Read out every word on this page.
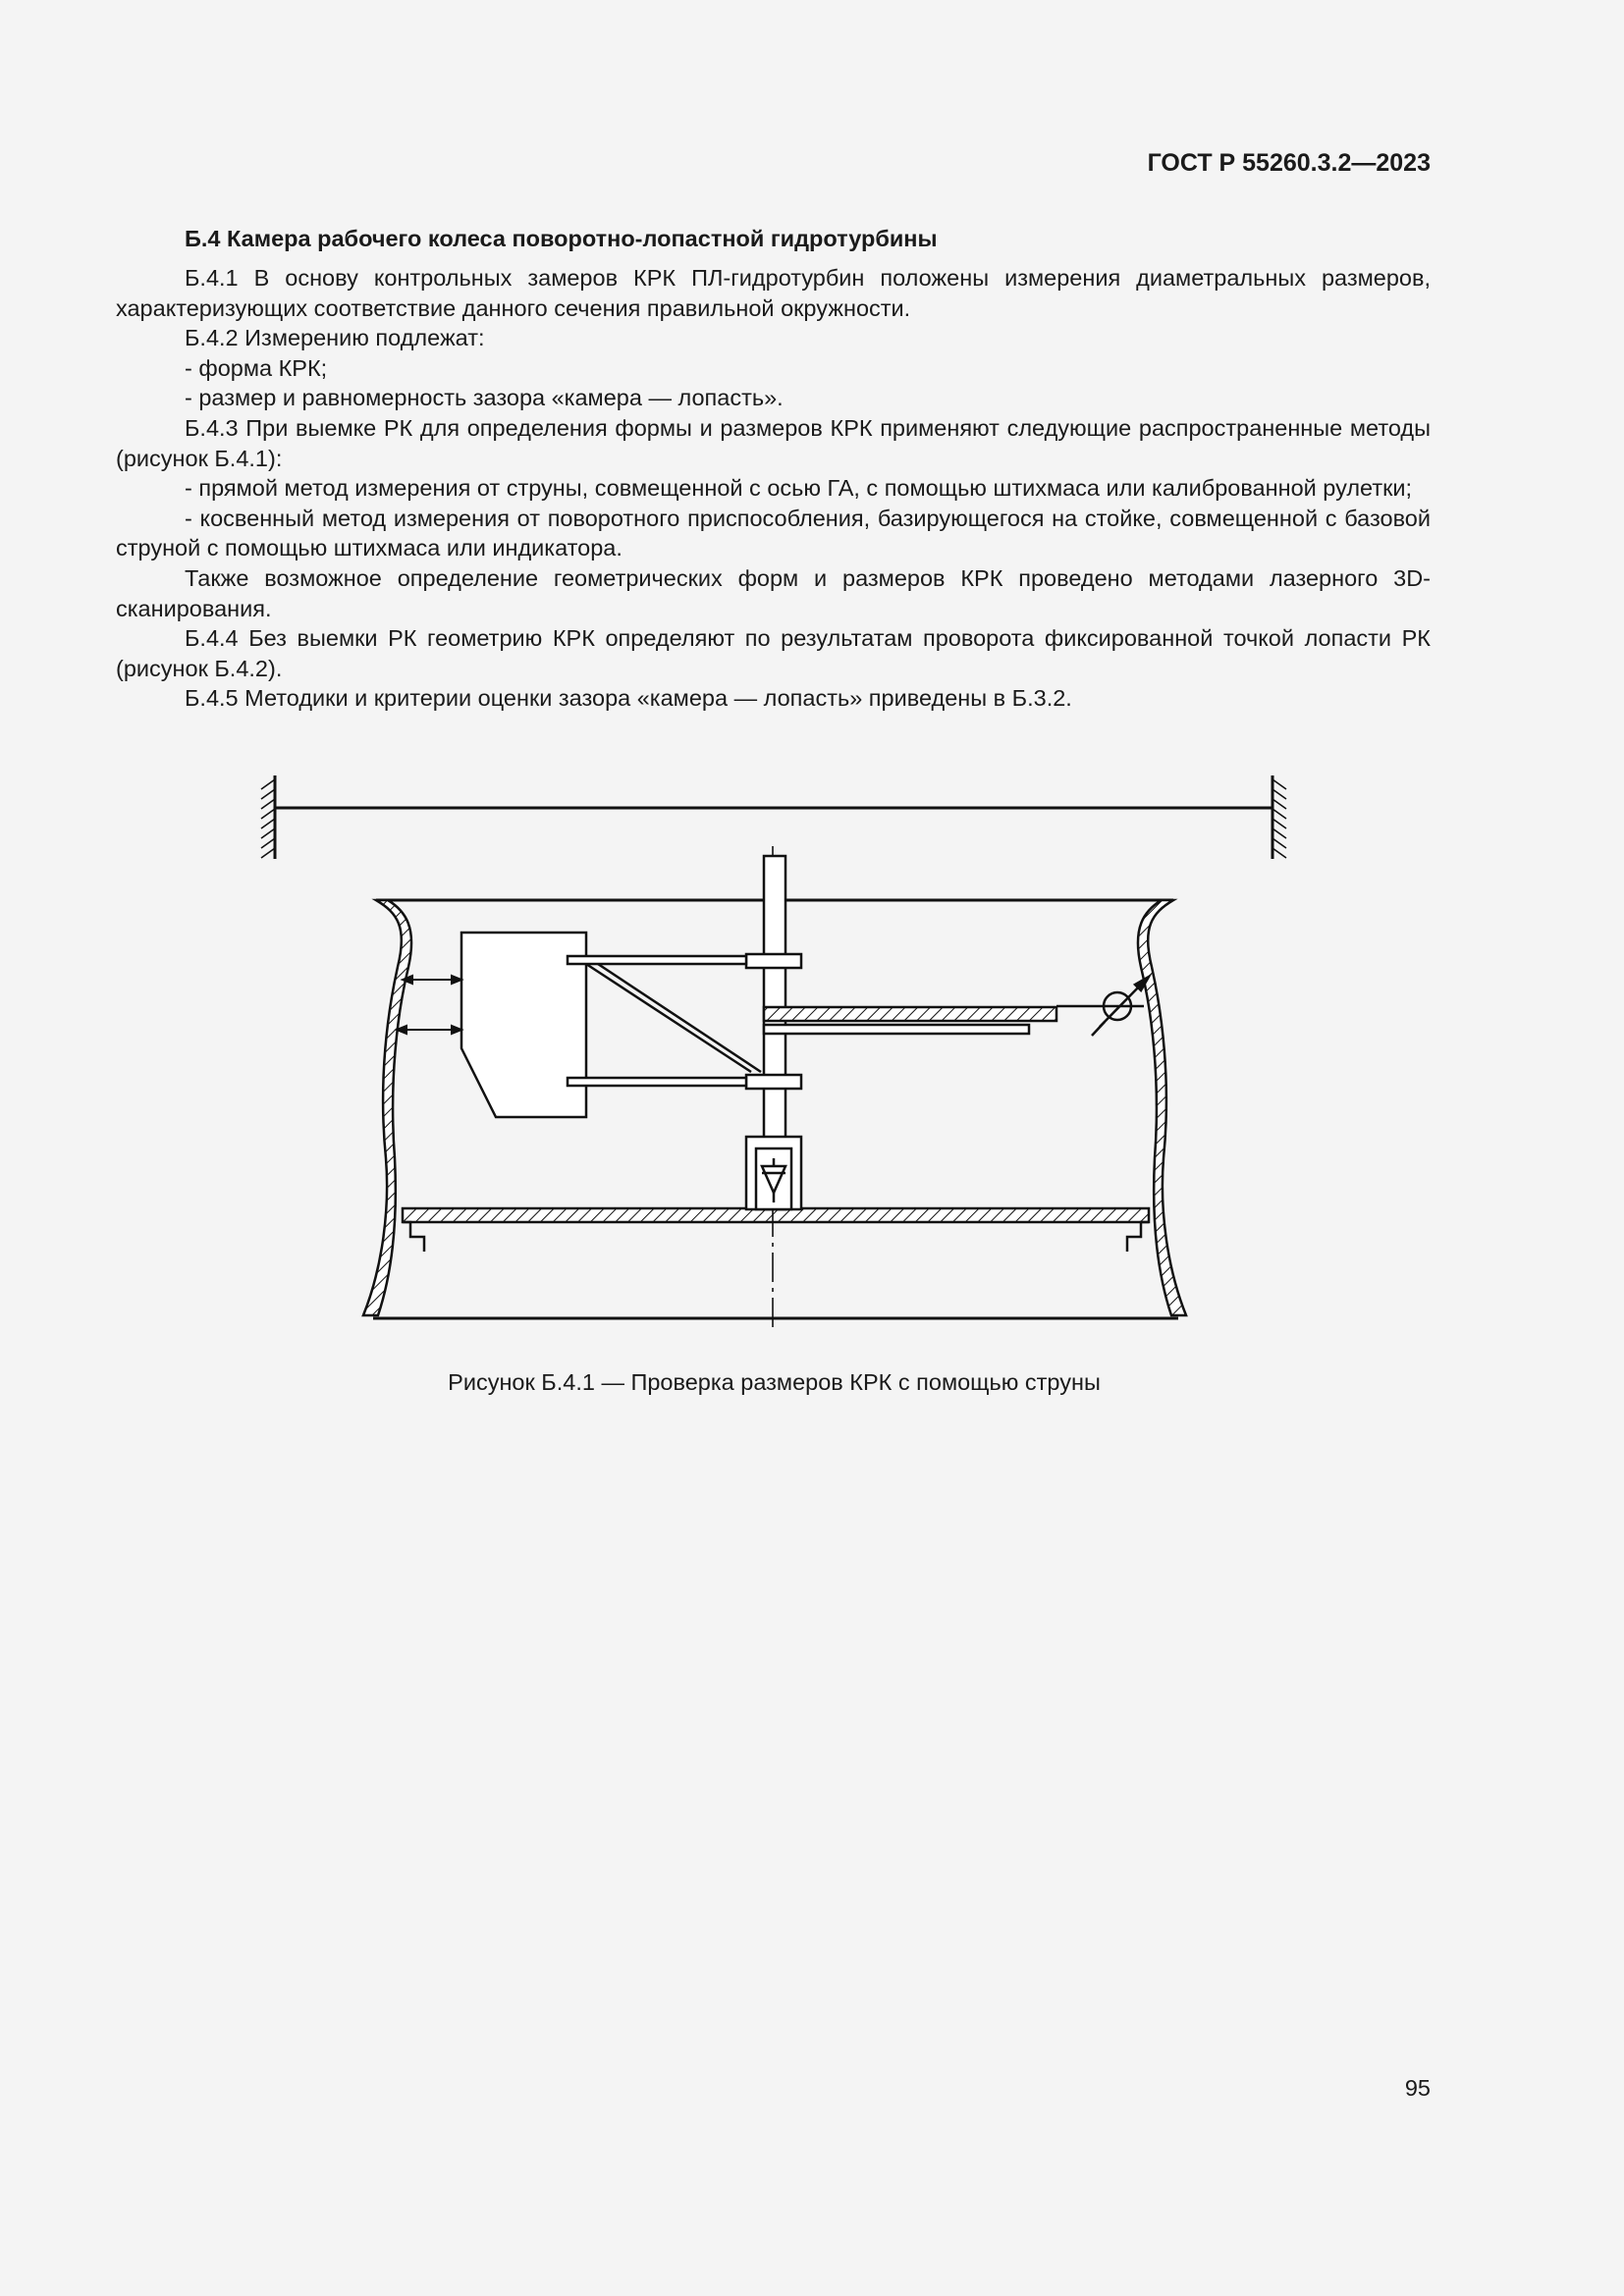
ГОСТ Р 55260.3.2—2023
Б.4 Камера рабочего колеса поворотно-лопастной гидротурбины

Б.4.1 В основу контрольных замеров КРК ПЛ-гидротурбин положены измерения диаметральных размеров, характеризующих соответствие данного сечения правильной окружности.

Б.4.2 Измерению подлежат:

- форма КРК;

- размер и равномерность зазора «камера — лопасть».

Б.4.3 При выемке РК для определения формы и размеров КРК применяют следующие распространенные методы (рисунок Б.4.1):

- прямой метод измерения от струны, совмещенной с осью ГА, с помощью штихмаса или калиброванной рулетки;

- косвенный метод измерения от поворотного приспособления, базирующегося на стойке, совмещенной с базовой струной с помощью штихмаса или индикатора.

Также возможное определение геометрических форм и размеров КРК проведено методами лазерного 3D-сканирования.

Б.4.4 Без выемки РК геометрию КРК определяют по результатам проворота фиксированной точкой лопасти РК (рисунок Б.4.2).

Б.4.5 Методики и критерии оценки зазора «камера — лопасть» приведены в Б.3.2.

Рисунок Б.4.1 — Проверка размеров КРК с помощью струны
95
